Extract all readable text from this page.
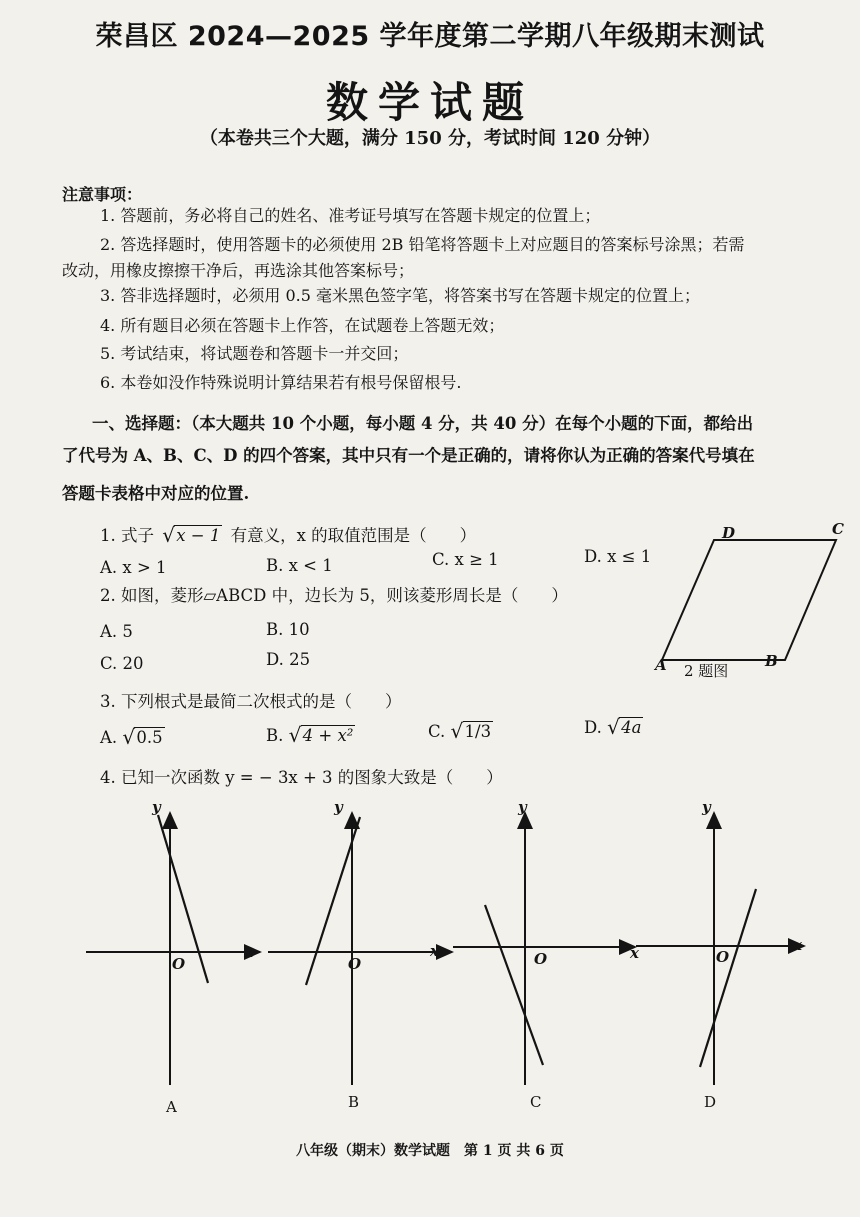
荣昌区 2024—2025 学年度第二学期八年级期末测试
数学试题
（本卷共三个大题，满分 150 分，考试时间 120 分钟）
注意事项：
1. 答题前，务必将自己的姓名、准考证号填写在答题卡规定的位置上；
2. 答选择题时，使用答题卡的必须使用 2B 铅笔将答题卡上对应题目的答案标号涂黑；若需
改动，用橡皮擦擦干净后，再选涂其他答案标号；
3. 答非选择题时，必须用 0.5 毫米黑色签字笔，将答案书写在答题卡规定的位置上；
4. 所有题目必须在答题卡上作答，在试题卷上答题无效；
5. 考试结束，将试题卷和答题卡一并交回；
6. 本卷如没作特殊说明计算结果若有根号保留根号.
一、选择题：（本大题共 10 个小题，每小题 4 分，共 40 分）在每个小题的下面，都给出
了代号为 A、B、C、D 的四个答案，其中只有一个是正确的，请将你认为正确的答案代号填在
答题卡表格中对应的位置.
1. 式子 √ x − 1 有意义，x 的取值范围是（　　）
A. x > 1	B. x < 1	C. x ≥ 1	D. x ≤ 1
2. 如图，菱形▱ABCD 中，边长为 5，则该菱形周长是（　　）
A. 5	B. 10
C. 20	D. 25
D	C
A	B
2 题图
3. 下列根式是最简二次根式的是（　　）
A. √ 0.5	B. √ 4 + x²	C. √ 1/3	D. √ 4a
4. 已知一次函数 y = − 3x + 3 的图象大致是（　　）
y
x
O
A
y
x
O
B
y
x
O
C
y
x
O
D
八年级（期末）数学试题　第 1 页 共 6 页
